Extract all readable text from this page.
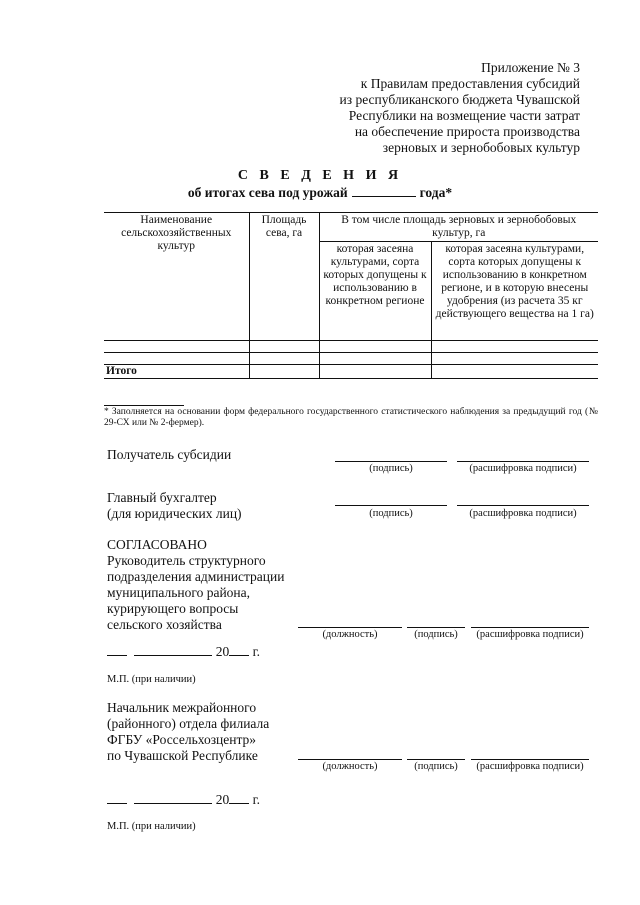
Приложение № 3
к Правилам предоставления субсидий
из республиканского бюджета Чувашской
Республики на возмещение части затрат
на обеспечение прироста производства
зерновых и зернобобовых культур
С В Е Д Е Н И Я
об итогах сева под урожай	года*
Наименование сельскохозяйственных культур	Площадь сева, га	В том числе площадь зерновых и зернобобовых культур, га	
		которая засеяна культурами, сорта которых допущены к использованию в конкретном регионе	которая засеяна культурами, сорта которых допущены к использованию в конкретном регионе, и в которую внесены удобрения (из расчета 35 кг действующего вещества на 1 га)

Итого			
* Заполняется на основании форм федерального государственного статистического наблюдения за предыдущий год (№ 29-СХ или № 2-фермер).
Получатель субсидии
(подпись)	(расшифровка подписи)
Главный бухгалтер
(для юридических лиц)	(подпись)	(расшифровка подписи)
СОГЛАСОВАНО
Руководитель структурного
подразделения администрации
муниципального района,
курирующего вопросы
сельского хозяйства
(должность)	(подпись)	(расшифровка подписи)
20 г.
М.П. (при наличии)
Начальник межрайонного
(районного) отдела филиала
ФГБУ «Россельхозцентр»
по Чувашской Республике
(должность)	(подпись)	(расшифровка подписи)
20 г.
М.П. (при наличии)
